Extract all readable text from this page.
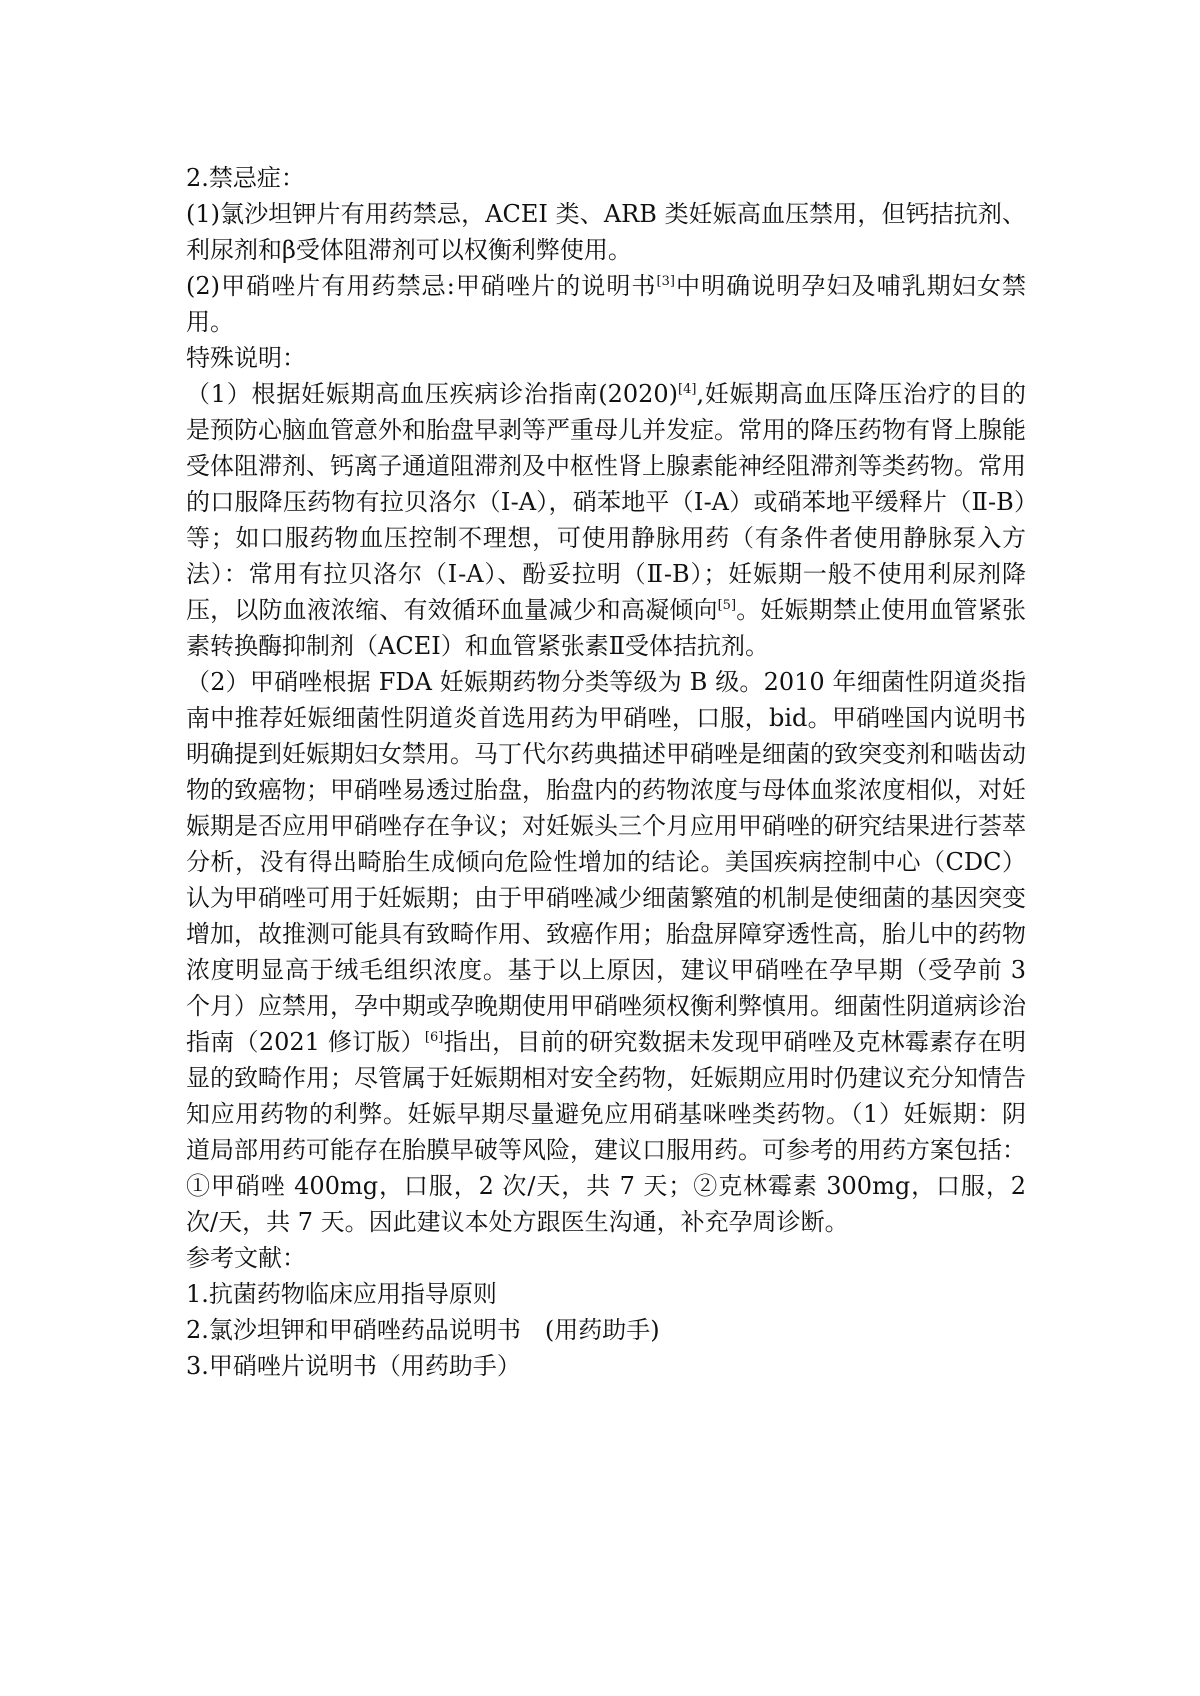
2.禁忌症：
(1)氯沙坦钾片有用药禁忌，ACEI 类、ARB 类妊娠高血压禁用，但钙拮抗剂、利尿剂和β受体阻滞剂可以权衡利弊使用。
(2)甲硝唑片有用药禁忌:甲硝唑片的说明书[3]中明确说明孕妇及哺乳期妇女禁用。
特殊说明：
（1）根据妊娠期高血压疾病诊治指南(2020)[4],妊娠期高血压降压治疗的目的是预防心脑血管意外和胎盘早剥等严重母儿并发症。常用的降压药物有肾上腺能受体阻滞剂、钙离子通道阻滞剂及中枢性肾上腺素能神经阻滞剂等类药物。常用的口服降压药物有拉贝洛尔（Ⅰ-A），硝苯地平（Ⅰ-A）或硝苯地平缓释片（Ⅱ-B）等；如口服药物血压控制不理想，可使用静脉用药（有条件者使用静脉泵入方法）：常用有拉贝洛尔（Ⅰ-A）、酚妥拉明（Ⅱ-B）；妊娠期一般不使用利尿剂降压，以防血液浓缩、有效循环血量减少和高凝倾向[5]。妊娠期禁止使用血管紧张素转换酶抑制剂（ACEI）和血管紧张素Ⅱ受体拮抗剂。
（2）甲硝唑根据 FDA 妊娠期药物分类等级为 B 级。2010 年细菌性阴道炎指南中推荐妊娠细菌性阴道炎首选用药为甲硝唑，口服，bid。甲硝唑国内说明书明确提到妊娠期妇女禁用。马丁代尔药典描述甲硝唑是细菌的致突变剂和啮齿动物的致癌物；甲硝唑易透过胎盘，胎盘内的药物浓度与母体血浆浓度相似，对妊娠期是否应用甲硝唑存在争议；对妊娠头三个月应用甲硝唑的研究结果进行荟萃分析，没有得出畸胎生成倾向危险性增加的结论。美国疾病控制中心（CDC）认为甲硝唑可用于妊娠期；由于甲硝唑减少细菌繁殖的机制是使细菌的基因突变增加，故推测可能具有致畸作用、致癌作用；胎盘屏障穿透性高，胎儿中的药物浓度明显高于绒毛组织浓度。基于以上原因，建议甲硝唑在孕早期（受孕前 3 个月）应禁用，孕中期或孕晚期使用甲硝唑须权衡利弊慎用。细菌性阴道病诊治指南（2021 修订版）[6]指出，目前的研究数据未发现甲硝唑及克林霉素存在明显的致畸作用；尽管属于妊娠期相对安全药物，妊娠期应用时仍建议充分知情告知应用药物的利弊。妊娠早期尽量避免应用硝基咪唑类药物。（1）妊娠期：阴道局部用药可能存在胎膜早破等风险，建议口服用药。可参考的用药方案包括：①甲硝唑 400mg，口服，2 次/天，共 7 天；②克林霉素 300mg，口服，2 次/天，共 7 天。因此建议本处方跟医生沟通，补充孕周诊断。
参考文献：
1.抗菌药物临床应用指导原则
2.氯沙坦钾和甲硝唑药品说明书　(用药助手)
3.甲硝唑片说明书（用药助手）
